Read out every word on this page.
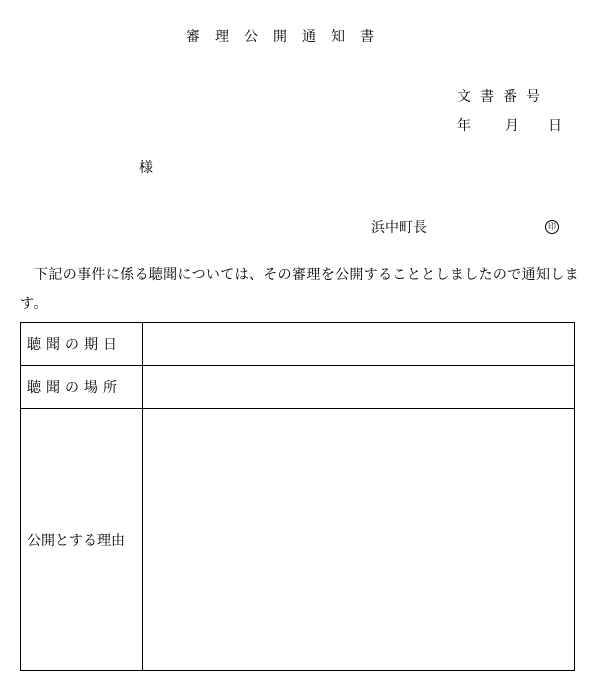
審理公開通知書
文書番号
年 月 日
様
浜中町長	印
下記の事件に係る聴聞については、その審理を公開することとしましたので通知します。
聴聞の期日	
聴聞の場所	
公開とする理由	
